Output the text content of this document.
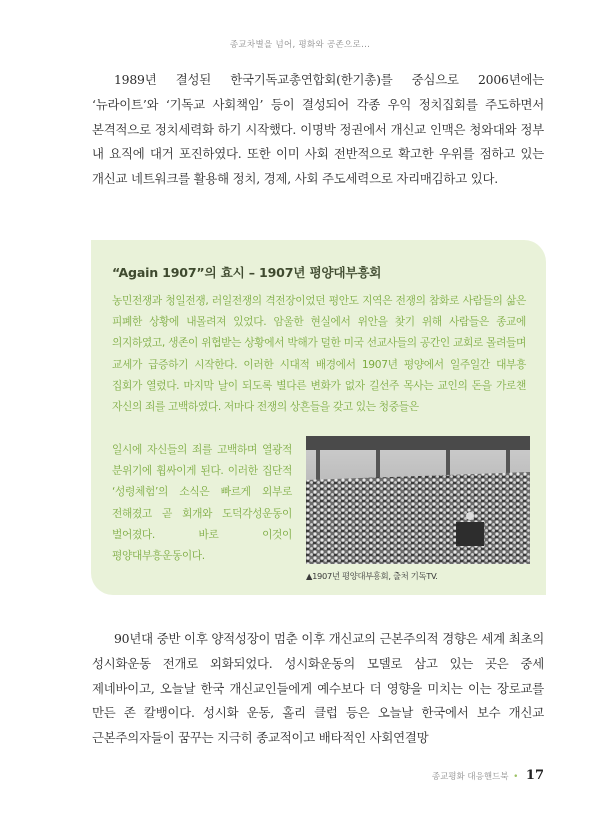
종교차별을 넘어, 평화와 공존으로...

1989년 결성된 한국기독교총연합회(한기총)를 중심으로 2006년에는 ‘뉴라이트’와 ‘기독교 사회책임’ 등이 결성되어 각종 우익 정치집회를 주도하면서 본격적으로 정치세력화 하기 시작했다. 이명박 정권에서 개신교 인맥은 청와대와 정부 내 요직에 대거 포진하였다. 또한 이미 사회 전반적으로 확고한 우위를 점하고 있는 개신교 네트워크를 활용해 정치, 경제, 사회 주도세력으로 자리매김하고 있다.

“Again 1907”의 효시 – 1907년 평양대부흥회
농민전쟁과 청일전쟁, 러일전쟁의 격전장이었던 평안도 지역은 전쟁의 참화로 사람들의 삶은 피폐한 상황에 내몰려져 있었다. 암울한 현실에서 위안을 찾기 위해 사람들은 종교에 의지하였고, 생존이 위협받는 상황에서 박해가 덜한 미국 선교사들의 공간인 교회로 몰려들며 교세가 급증하기 시작한다. 이러한 시대적 배경에서 1907년 평양에서 일주일간 대부흥 집회가 열렸다. 마지막 날이 되도록 별다른 변화가 없자 길선주 목사는 교인의 돈을 가로챈 자신의 죄를 고백하였다. 저마다 전쟁의 상흔들을 갖고 있는 청중들은
일시에 자신들의 죄를 고백하며 열광적 분위기에 휩싸이게 된다. 이러한 집단적 ‘성령체험’의 소식은 빠르게 외부로 전해졌고 곧 회개와 도덕각성운동이 벌어졌다. 바로 이것이 평양대부흥운동이다.
▲1907년 평양대부흥회, 출처 기독TV.

90년대 중반 이후 양적성장이 멈춘 이후 개신교의 근본주의적 경향은 세계 최초의 성시화운동 전개로 외화되었다. 성시화운동의 모델로 삼고 있는 곳은 중세 제네바이고, 오늘날 한국 개신교인들에게 예수보다 더 영향을 미치는 이는 장로교를 만든 존 칼뱅이다. 성시화 운동, 홀리 클럽 등은 오늘날 한국에서 보수 개신교 근본주의자들이 꿈꾸는 지극히 종교적이고 배타적인 사회연결망

종교평화 대응핸드북 • 17
